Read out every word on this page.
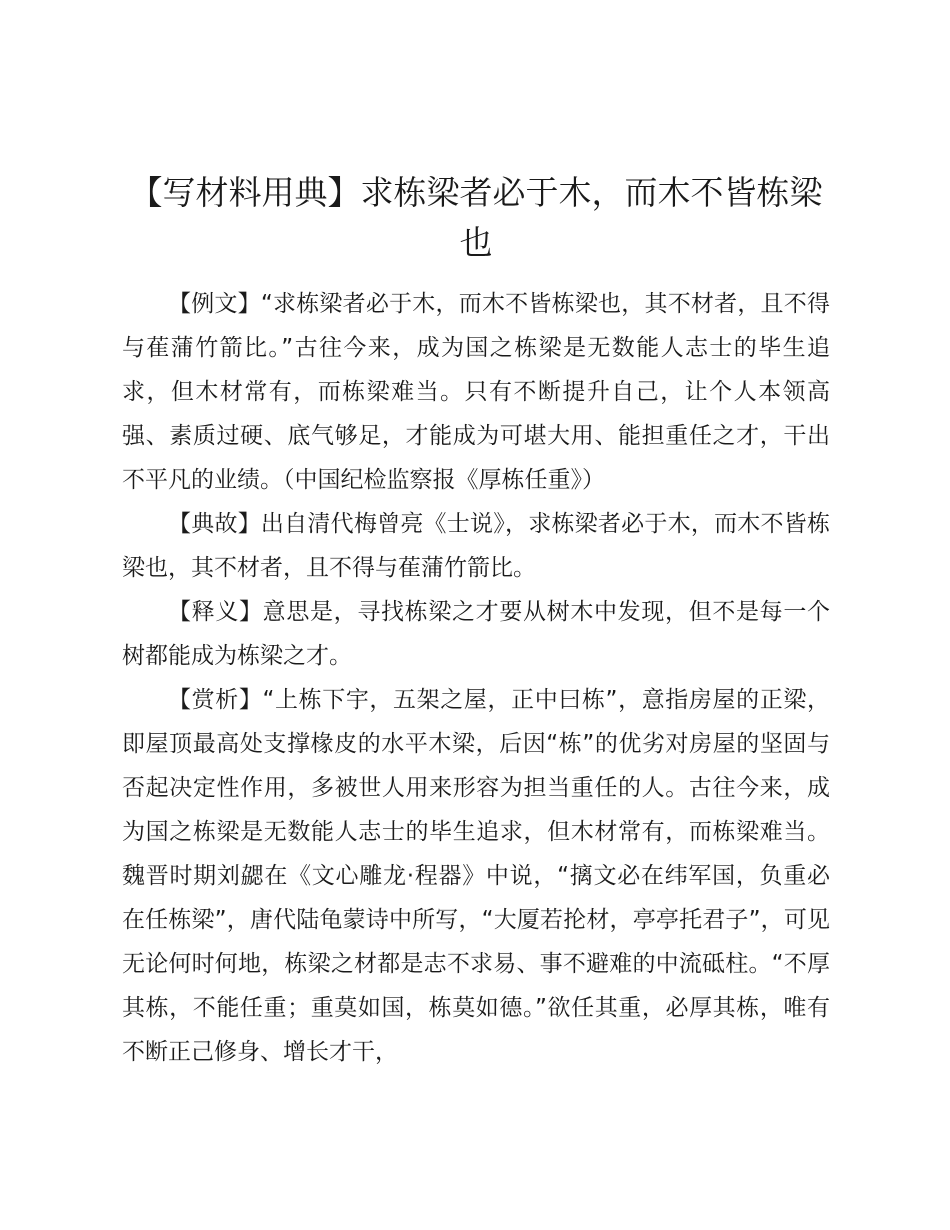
【写材料用典】求栋梁者必于木，而木不皆栋梁也

【例文】“求栋梁者必于木，而木不皆栋梁也，其不材者，且不得与萑蒲竹箭比。”古往今来，成为国之栋梁是无数能人志士的毕生追求，但木材常有，而栋梁难当。只有不断提升自己，让个人本领高强、素质过硬、底气够足，才能成为可堪大用、能担重任之才，干出不平凡的业绩。（中国纪检监察报《厚栋任重》）

【典故】出自清代梅曾亮《士说》，求栋梁者必于木，而木不皆栋梁也，其不材者，且不得与萑蒲竹箭比。

【释义】意思是，寻找栋梁之才要从树木中发现，但不是每一个树都能成为栋梁之才。

【赏析】“上栋下宇，五架之屋，正中曰栋”，意指房屋的正梁，即屋顶最高处支撑椽皮的水平木梁，后因“栋”的优劣对房屋的坚固与否起决定性作用，多被世人用来形容为担当重任的人。古往今来，成为国之栋梁是无数能人志士的毕生追求，但木材常有，而栋梁难当。魏晋时期刘勰在《文心雕龙·程器》中说，“摛文必在纬军国，负重必在任栋梁”，唐代陆龟蒙诗中所写，“大厦若抡材，亭亭托君子”，可见无论何时何地，栋梁之材都是志不求易、事不避难的中流砥柱。“不厚其栋，不能任重；重莫如国，栋莫如德。”欲任其重，必厚其栋，唯有不断正己修身、增长才干，
